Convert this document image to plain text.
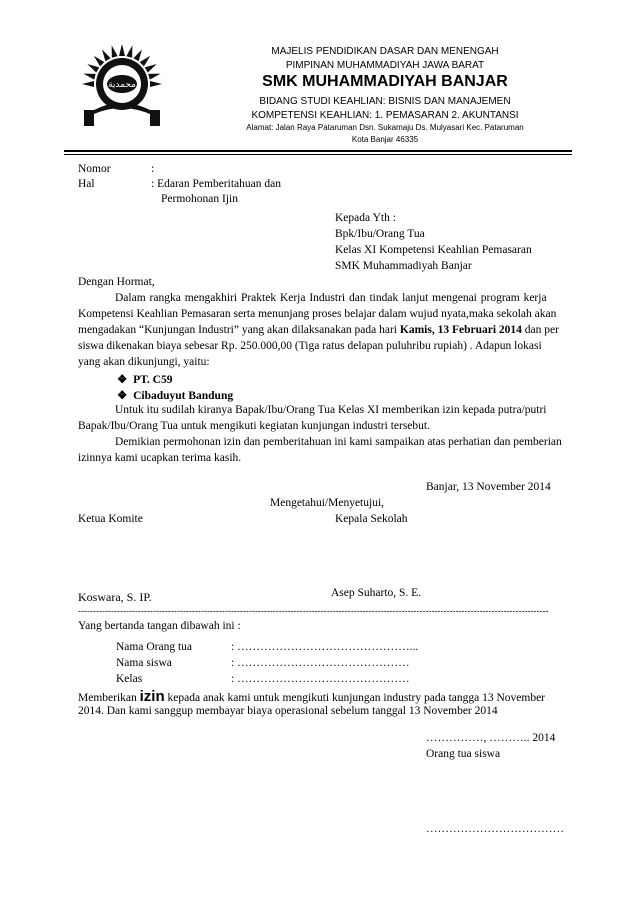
محمدية
MAJELIS PENDIDIKAN DASAR DAN MENENGAH
PIMPINAN MUHAMMADIYAH JAWA BARAT
SMK MUHAMMADIYAH BANJAR
BIDANG STUDI KEAHLIAN: BISNIS DAN MANAJEMEN
KOMPETENSI KEAHLIAN: 1. PEMASARAN 2. AKUNTANSI
Alamat: Jalan Raya Pataruman Dsn. Sukamaju Ds. Mulyasari Kec. Pataruman
Kota Banjar 46335
Nomor	:
Hal	: Edaran Pemberitahuan dan
Permohonan Ijin
Kepada Yth :
Bpk/Ibu/Orang Tua
Kelas XI Kompetensi Keahlian Pemasaran
SMK Muhammadiyah Banjar
Dengan Hormat,
Dalam rangka mengakhiri Praktek Kerja Industri dan tindak lanjut mengenai program kerja
Kompetensi Keahlian Pemasaran serta menunjang proses belajar dalam wujud nyata,maka sekolah akan
mengadakan “Kunjungan Industri” yang akan dilaksanakan pada hari Kamis, 13 Februari 2014 dan per
siswa dikenakan biaya sebesar Rp. 250.000,00 (Tiga ratus delapan puluhribu rupiah) . Adapun lokasi
yang akan dikunjungi, yaitu:
❖ PT. C59
❖ Cibaduyut Bandung
Untuk itu sudilah kiranya Bapak/Ibu/Orang Tua Kelas XI memberikan izin kepada putra/putri
Bapak/Ibu/Orang Tua untuk mengikuti kegiatan kunjungan industri tersebut.
Demikian permohonan izin dan pemberitahuan ini kami sampaikan atas perhatian dan pemberian
izinnya kami ucapkan terima kasih.
Banjar, 13 November 2014
Mengetahui/Menyetujui,
Ketua Komite	Kepala Sekolah
Koswara, S. IP.	Asep Suharto, S. E.
-------------------------------------------------------------------------------------------------------------------------------------------------------------
Yang bertanda tangan dibawah ini :
Nama Orang tua	: ………………………………………...
Nama siswa	: ………………………………………
Kelas	: ………………………………………
Memberikan izin kepada anak kami untuk mengikuti kunjungan industry pada tangga 13 November
2014. Dan kami sanggup membayar biaya operasional sebelum tanggal 13 November 2014
……………, ……….. 2014
Orang tua siswa
………………………………
